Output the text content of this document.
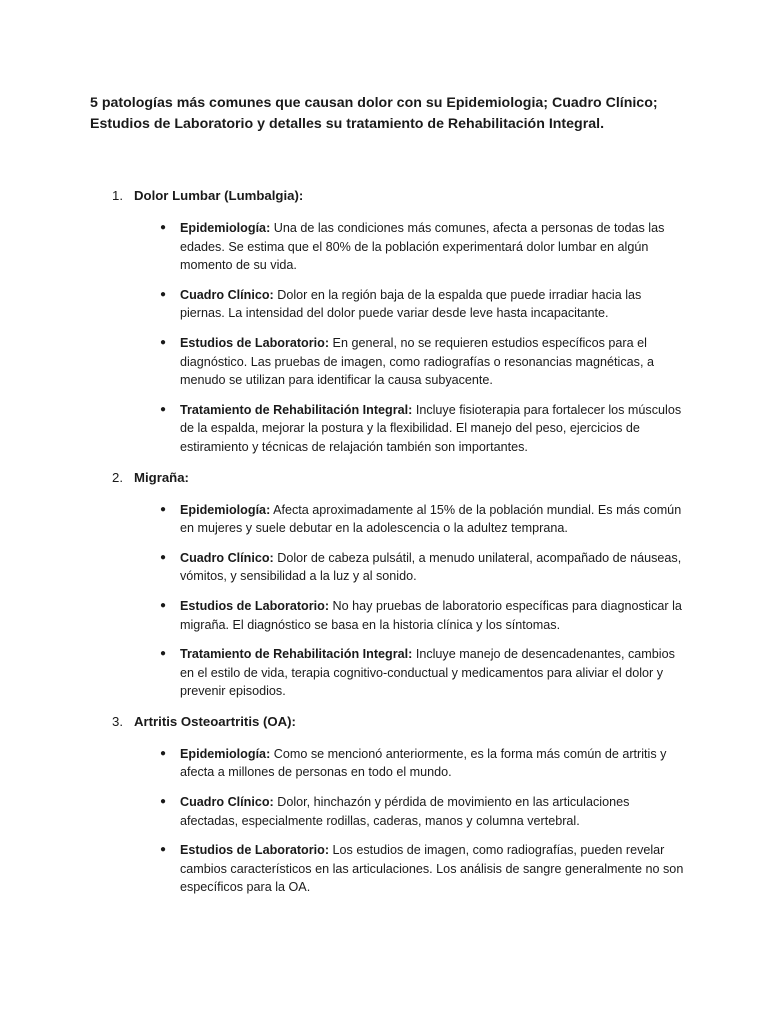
5 patologías más comunes que causan dolor con su Epidemiologia; Cuadro Clínico; Estudios de Laboratorio y detalles su tratamiento de Rehabilitación Integral.
1. Dolor Lumbar (Lumbalgia):
●	Epidemiología: Una de las condiciones más comunes, afecta a personas de todas las edades. Se estima que el 80% de la población experimentará dolor lumbar en algún momento de su vida.
●	Cuadro Clínico: Dolor en la región baja de la espalda que puede irradiar hacia las piernas. La intensidad del dolor puede variar desde leve hasta incapacitante.
●	Estudios de Laboratorio: En general, no se requieren estudios específicos para el diagnóstico. Las pruebas de imagen, como radiografías o resonancias magnéticas, a menudo se utilizan para identificar la causa subyacente.
●	Tratamiento de Rehabilitación Integral: Incluye fisioterapia para fortalecer los músculos de la espalda, mejorar la postura y la flexibilidad. El manejo del peso, ejercicios de estiramiento y técnicas de relajación también son importantes.
2. Migraña:
●	Epidemiología: Afecta aproximadamente al 15% de la población mundial. Es más común en mujeres y suele debutar en la adolescencia o la adultez temprana.
●	Cuadro Clínico: Dolor de cabeza pulsátil, a menudo unilateral, acompañado de náuseas, vómitos, y sensibilidad a la luz y al sonido.
●	Estudios de Laboratorio: No hay pruebas de laboratorio específicas para diagnosticar la migraña. El diagnóstico se basa en la historia clínica y los síntomas.
●	Tratamiento de Rehabilitación Integral: Incluye manejo de desencadenantes, cambios en el estilo de vida, terapia cognitivo-conductual y medicamentos para aliviar el dolor y prevenir episodios.
3. Artritis Osteoartritis (OA):
●	Epidemiología: Como se mencionó anteriormente, es la forma más común de artritis y afecta a millones de personas en todo el mundo.
●	Cuadro Clínico: Dolor, hinchazón y pérdida de movimiento en las articulaciones afectadas, especialmente rodillas, caderas, manos y columna vertebral.
●	Estudios de Laboratorio: Los estudios de imagen, como radiografías, pueden revelar cambios característicos en las articulaciones. Los análisis de sangre generalmente no son específicos para la OA.
